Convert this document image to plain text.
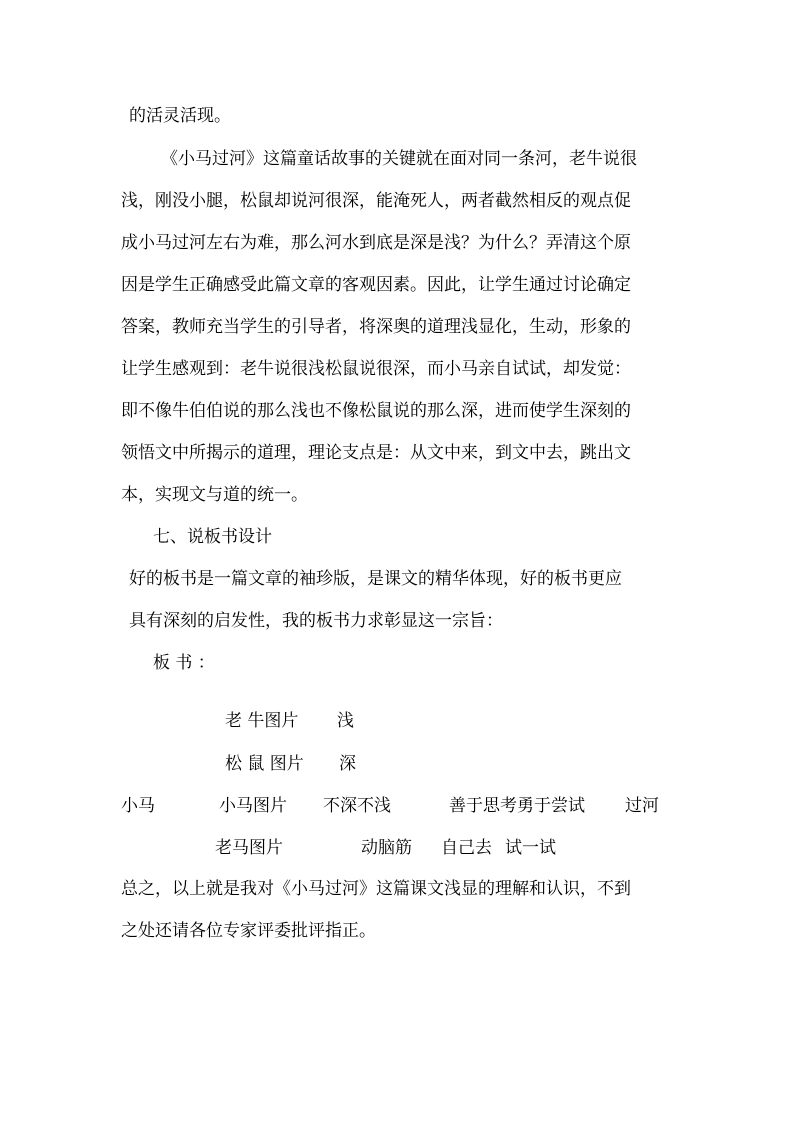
的活灵活现。
《小马过河》这篇童话故事的关键就在面对同一条河，老牛说很
浅，刚没小腿，松鼠却说河很深，能淹死人，两者截然相反的观点促
成小马过河左右为难，那么河水到底是深是浅？为什么？弄清这个原
因是学生正确感受此篇文章的客观因素。因此，让学生通过讨论确定
答案，教师充当学生的引导者，将深奥的道理浅显化，生动，形象的
让学生感观到：老牛说很浅松鼠说很深，而小马亲自试试，却发觉：
即不像牛伯伯说的那么浅也不像松鼠说的那么深，进而使学生深刻的
领悟文中所揭示的道理，理论支点是：从文中来，到文中去，跳出文
本，实现文与道的统一。
七、说板书设计
好的板书是一篇文章的袖珍版，是课文的精华体现，好的板书更应
具有深刻的启发性，我的板书力求彰显这一宗旨：
板 书 ：
老 牛图片 浅
松 鼠 图片 深
小马	小马图片 不深不浅	善于思考勇于尝试 过河
老马图片	动脑筋 自己去 试一试
总之，以上就是我对《小马过河》这篇课文浅显的理解和认识，不到
之处还请各位专家评委批评指正。
